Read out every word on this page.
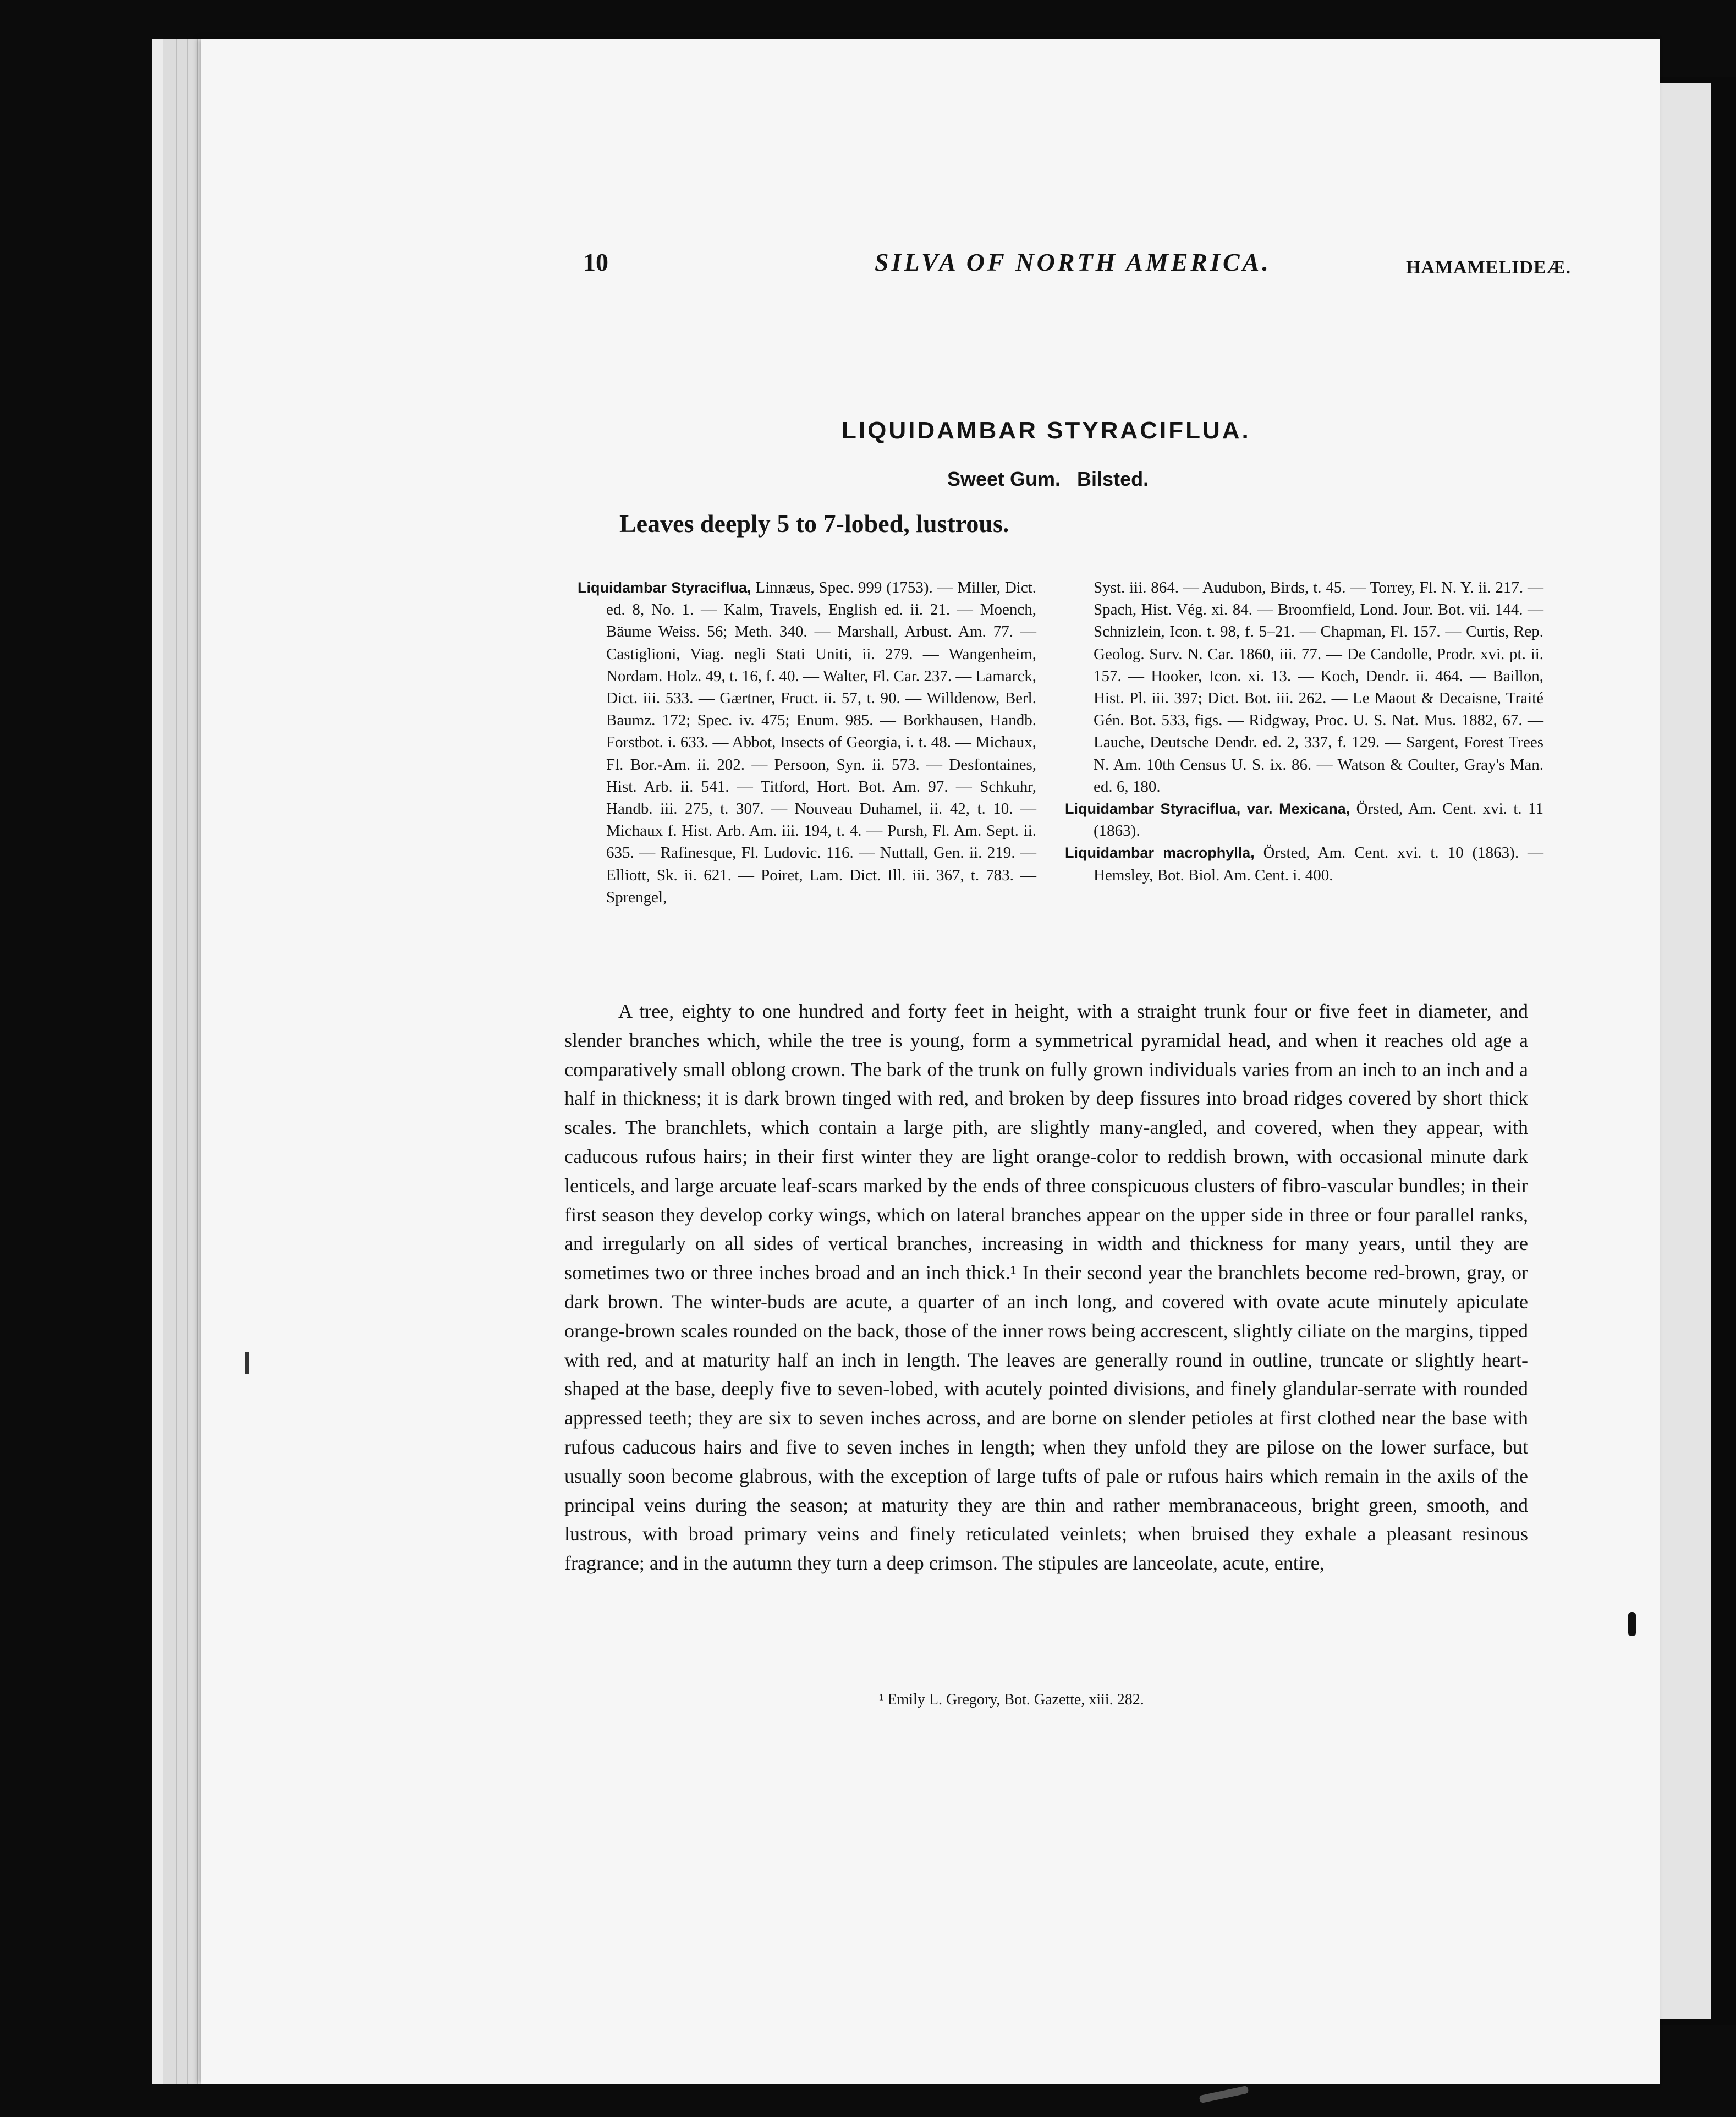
10	SILVA OF NORTH AMERICA.	HAMAMELIDEÆ.
LIQUIDAMBAR STYRACIFLUA.
Sweet Gum.   Bilsted.
Leaves deeply 5 to 7-lobed, lustrous.

Liquidambar Styraciflua, Linnæus, Spec. 999 (1753). — Miller, Dict. ed. 8, No. 1. — Kalm, Travels, English ed. ii. 21. — Moench, Bäume Weiss. 56; Meth. 340. — Marshall, Arbust. Am. 77. — Castiglioni, Viag. negli Stati Uniti, ii. 279. — Wangenheim, Nordam. Holz. 49, t. 16, f. 40. — Walter, Fl. Car. 237. — Lamarck, Dict. iii. 533. — Gærtner, Fruct. ii. 57, t. 90. — Willdenow, Berl. Baumz. 172; Spec. iv. 475; Enum. 985. — Borkhausen, Handb. Forstbot. i. 633. — Abbot, Insects of Georgia, i. t. 48. — Michaux, Fl. Bor.-Am. ii. 202. — Persoon, Syn. ii. 573. — Desfontaines, Hist. Arb. ii. 541. — Titford, Hort. Bot. Am. 97. — Schkuhr, Handb. iii. 275, t. 307. — Nouveau Duhamel, ii. 42, t. 10. — Michaux f. Hist. Arb. Am. iii. 194, t. 4. — Pursh, Fl. Am. Sept. ii. 635. — Rafinesque, Fl. Ludovic. 116. — Nuttall, Gen. ii. 219. — Elliott, Sk. ii. 621. — Poiret, Lam. Dict. Ill. iii. 367, t. 783. — Sprengel,

Syst. iii. 864. — Audubon, Birds, t. 45. — Torrey, Fl. N. Y. ii. 217. — Spach, Hist. Vég. xi. 84. — Broomfield, Lond. Jour. Bot. vii. 144. — Schnizlein, Icon. t. 98, f. 5–21. — Chapman, Fl. 157. — Curtis, Rep. Geolog. Surv. N. Car. 1860, iii. 77. — De Candolle, Prodr. xvi. pt. ii. 157. — Hooker, Icon. xi. 13. — Koch, Dendr. ii. 464. — Baillon, Hist. Pl. iii. 397; Dict. Bot. iii. 262. — Le Maout & Decaisne, Traité Gén. Bot. 533, figs. — Ridgway, Proc. U. S. Nat. Mus. 1882, 67. — Lauche, Deutsche Dendr. ed. 2, 337, f. 129. — Sargent, Forest Trees N. Am. 10th Census U. S. ix. 86. — Watson & Coulter, Gray's Man. ed. 6, 180.

Liquidambar Styraciflua, var. Mexicana, Örsted, Am. Cent. xvi. t. 11 (1863).

Liquidambar macrophylla, Örsted, Am. Cent. xvi. t. 10 (1863). — Hemsley, Bot. Biol. Am. Cent. i. 400.

A tree, eighty to one hundred and forty feet in height, with a straight trunk four or five feet in diameter, and slender branches which, while the tree is young, form a symmetrical pyramidal head, and when it reaches old age a comparatively small oblong crown. The bark of the trunk on fully grown individuals varies from an inch to an inch and a half in thickness; it is dark brown tinged with red, and broken by deep fissures into broad ridges covered by short thick scales. The branchlets, which contain a large pith, are slightly many-angled, and covered, when they appear, with caducous rufous hairs; in their first winter they are light orange-color to reddish brown, with occasional minute dark lenticels, and large arcuate leaf-scars marked by the ends of three conspicuous clusters of fibro-vascular bundles; in their first season they develop corky wings, which on lateral branches appear on the upper side in three or four parallel ranks, and irregularly on all sides of vertical branches, increasing in width and thickness for many years, until they are sometimes two or three inches broad and an inch thick.¹ In their second year the branchlets become red-brown, gray, or dark brown. The winter-buds are acute, a quarter of an inch long, and covered with ovate acute minutely apiculate orange-brown scales rounded on the back, those of the inner rows being accrescent, slightly ciliate on the margins, tipped with red, and at maturity half an inch in length. The leaves are generally round in outline, truncate or slightly heart-shaped at the base, deeply five to seven-lobed, with acutely pointed divisions, and finely glandular-serrate with rounded appressed teeth; they are six to seven inches across, and are borne on slender petioles at first clothed near the base with rufous caducous hairs and five to seven inches in length; when they unfold they are pilose on the lower surface, but usually soon become glabrous, with the exception of large tufts of pale or rufous hairs which remain in the axils of the principal veins during the season; at maturity they are thin and rather membranaceous, bright green, smooth, and lustrous, with broad primary veins and finely reticulated veinlets; when bruised they exhale a pleasant resinous fragrance; and in the autumn they turn a deep crimson. The stipules are lanceolate, acute, entire,

¹ Emily L. Gregory, Bot. Gazette, xiii. 282.
